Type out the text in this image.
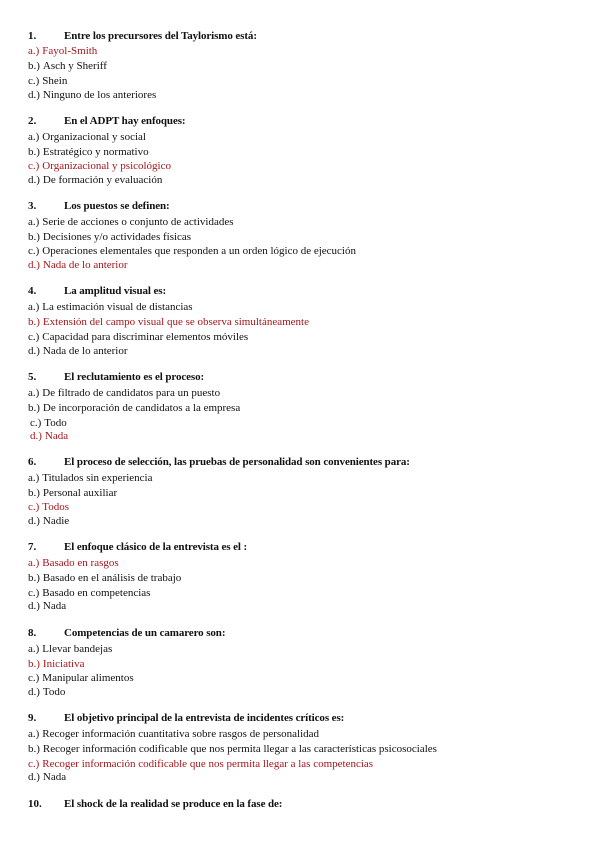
1.	Entre los precursores del Taylorismo está:
a.) Fayol-Smith
b.) Asch y Sheriff
c.) Shein
d.) Ninguno de los anteriores
2.	En el ADPT hay enfoques:
a.) Organizacional y social
b.) Estratégico y normativo
c.) Organizacional y psicológico
d.) De formación y evaluación
3.	Los puestos se definen:
a.) Serie de acciones o conjunto de actividades
b.) Decisiones y/o actividades físicas
c.) Operaciones elementales que responden a un orden lógico de ejecución
d.) Nada de lo anterior
4.	La amplitud visual es:
a.) La estimación visual de distancias
b.) Extensión del campo visual que se observa simultáneamente
c.) Capacidad para discriminar elementos móviles
d.) Nada de lo anterior
5.	El reclutamiento es el proceso:
a.) De filtrado de candidatos para un puesto
b.) De incorporación de candidatos a la empresa
c.) Todo
d.) Nada
6.	El proceso de selección, las pruebas de personalidad son convenientes para:
a.) Titulados sin experiencia
b.) Personal auxiliar
c.) Todos
d.) Nadie
7.	El enfoque clásico de la entrevista es el :
a.) Basado en rasgos
b.) Basado en el análisis de trabajo
c.) Basado en competencias
d.) Nada
8.	Competencias de un camarero son:
a.) Llevar bandejas
b.) Iniciativa
c.) Manipular alimentos
d.) Todo
9.	El objetivo principal de la entrevista de incidentes críticos es:
a.) Recoger información cuantitativa sobre rasgos de personalidad
b.) Recoger información codificable que nos permita llegar a las características psicosociales
c.) Recoger información codificable que nos permita llegar a las competencias
d.) Nada
10. El shock de la realidad se produce en la fase de:
